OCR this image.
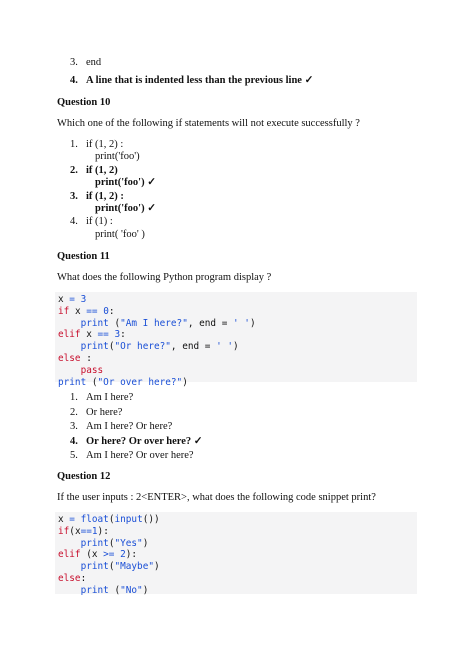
3. end
4. A line that is indented less than the previous line ✓

Question 10

Which one of the following if statements will not execute successfully ?

1. if (1, 2) :
print('foo')
2. if (1, 2)
print('foo') ✓
3. if (1, 2) :
print('foo') ✓
4. if (1) :
print( 'foo' )

Question 11

What does the following Python program display ?

x = 3
if x == 0:
print ("Am I here?", end = ' ')
elif x == 3:
print("Or here?", end = ' ')
else :
pass
print ("Or over here?")
1. Am I here?
2. Or here?
3. Am I here? Or here?
4. Or here? Or over here? ✓
5. Am I here? Or over here?

Question 12

If the user inputs : 2<ENTER>, what does the following code snippet print?

x = float(input())
if(x==1):
print("Yes")
elif (x >= 2):
print("Maybe")
else:
print ("No")
